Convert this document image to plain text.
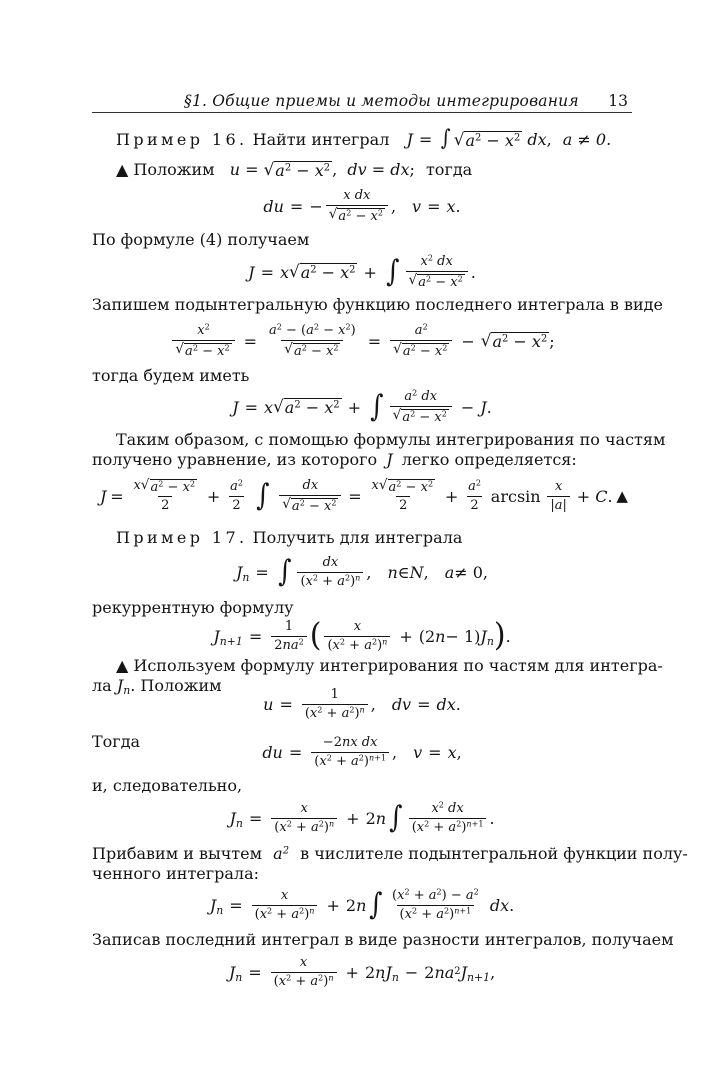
§1. Общие приемы и методы интегрирования 13
Пример 16. Найти интеграл J = ∫ √ $a^2 - x^2$ dx, a ≠ 0.
▲ Положим u = √ $a^2 - x^2$ ,  dv = dx; тогда
du = − $\frac{\text{x dx}}{√ a^2 - x^2}$ , v = x .
По формуле (4) получаем
J = x √ $a^2 - x^2$ + ∫ $\frac{x^2 dx}{√ a^2 - x^2}$ .
Запишем подынтегральную функцию последнего интеграла в виде
$\frac{x^2}{√ a^2 - x^2} = \frac{a^2 - (a^2 - x^2)}{√ a^2 - x^2} = \frac{a^2}{√ a^2 - x^2}$ − √ $a^2 - x^2$ ;
тогда будем иметь
J = x √ $a^2 - x^2$ + ∫ $\frac{a^2 dx}{√ a^2 - x^2} - J$ .
Таким образом, с помощью формулы интегрирования по частям
получено уравнение, из которого J легко определяется:
$J = \frac{x √ a^2 - x^2}{2} + \frac{a^2}{2}$ ∫ $\frac{dx}{√ a^2 - x^2} = \frac{x √ a^2 - x^2}{2} + \frac{a^2}{2}$ $\arcsin \frac{x}{|a|} + C$. ▲
Пример 17. Получить для интеграла
$J_n$ = ∫ $\frac{dx}{(x^2 + a^2)^n}$ , n ∈ N , a ≠ 0,
рекуррентную формулу
$J_{n+1} = \frac{1}{2na^2}$ ( $\frac{x}{(x^2 + a^2)^n} + (2$ n − 1) $J_n$ ) .
▲ Используем формулу интегрирования по частям для интегра-
ла $J_n$. Положим
$u = \frac{1}{(x^2 + a^2)^n}$ , dv = dx .
Тогда
du = $\frac{\text{−2nx dx}}{(x^2 + a^2)^{n+1}}$ , v = x ,
и, следовательно,
$J_n = \frac{x}{(x^2 + a^2)^n} + 2$ n ∫ $\frac{x^2 dx}{(x^2 + a^2)^{n+1}}$ .
Прибавим и вычтем $a^2$ в числителе подынтегральной функции полу-
ченного интеграла:
$J_n = \frac{x}{(x^2 + a^2)^n} + 2$ n ∫ $\frac{(x^2 + a^2) - a^2}{(x^2 + a^2)^{n+1}}$
dx .
Записав последний интеграл в виде разности интегралов, получаем
$J_n = \frac{x}{(x^2 + a^2)^n} + 2$ $nJ_n - 2$ na 2 $J_{n+1}$ ,
